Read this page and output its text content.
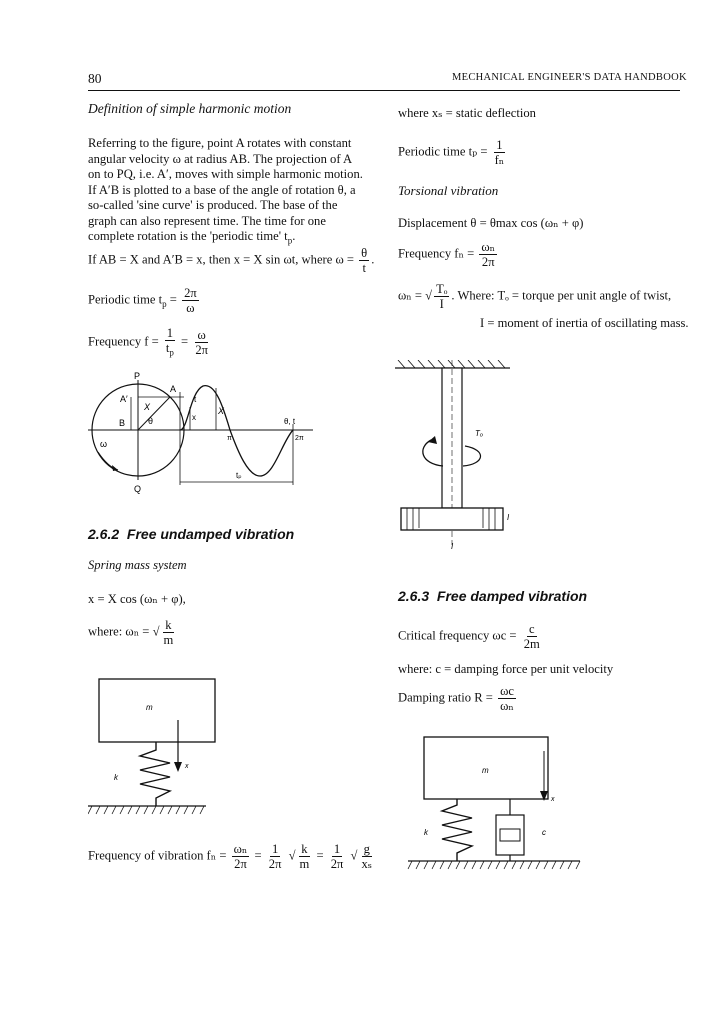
80	MECHANICAL ENGINEER'S DATA HANDBOOK
Definition of simple harmonic motion
Referring to the figure, point A rotates with constant
angular velocity ω at radius AB. The projection of A
on to PQ, i.e. A′, moves with simple harmonic motion.
If A′B is plotted to a base of the angle of rotation θ, a
so-called 'sine curve' is produced. The base of the
graph can also represent time. The time for one
complete rotation is the 'periodic time' $t_p$.
If AB = X and A′B = x, then x = X sin ωt, where $\omega = \frac{\theta}{t}$ .
Periodic time $t_p = \frac{2\pi}{\omega}$
Frequency $f = \frac{1}{t_p} = \frac{\omega}{2\pi}$
P
A′
A
B
X
θ
ω
Q
x
X
t
θ, t
π	2π
tₚ
2.6.2 Free undamped vibration
Spring mass system
x = X cos (ωₙ + φ),
where: ωₙ = √ $\frac{k}{m}$
m
k
x
Frequency of vibration $f_n = \frac{\text{ωₙ}}{2\pi} = \frac{1}{2\pi}$ √ $\frac{k}{m} = \frac{1}{2\pi}$ √ $\frac{g}{\text{xₛ}}$
where xₛ = static deflection
Periodic time $t_p = \frac{1}{\text{fₙ}}$
Torsional vibration
Displacement θ = θmax cos (ωₙ + φ)
Frequency $f_n = \frac{\text{ωₙ}}{2\pi}$
ωₙ = √ $\frac{\text{Tₒ}}{I}$ . Where: Tₒ = torque per unit angle of twist,
I = moment of inertia of oscillating mass.
Tₒ
I
I
2.6.3 Free damped vibration
Critical frequency $\omega c = \frac{c}{2m}$
where: c = damping force per unit velocity
Damping ratio $R = \frac{\omega c}{\text{ωₙ}}$
m
k	c
x
